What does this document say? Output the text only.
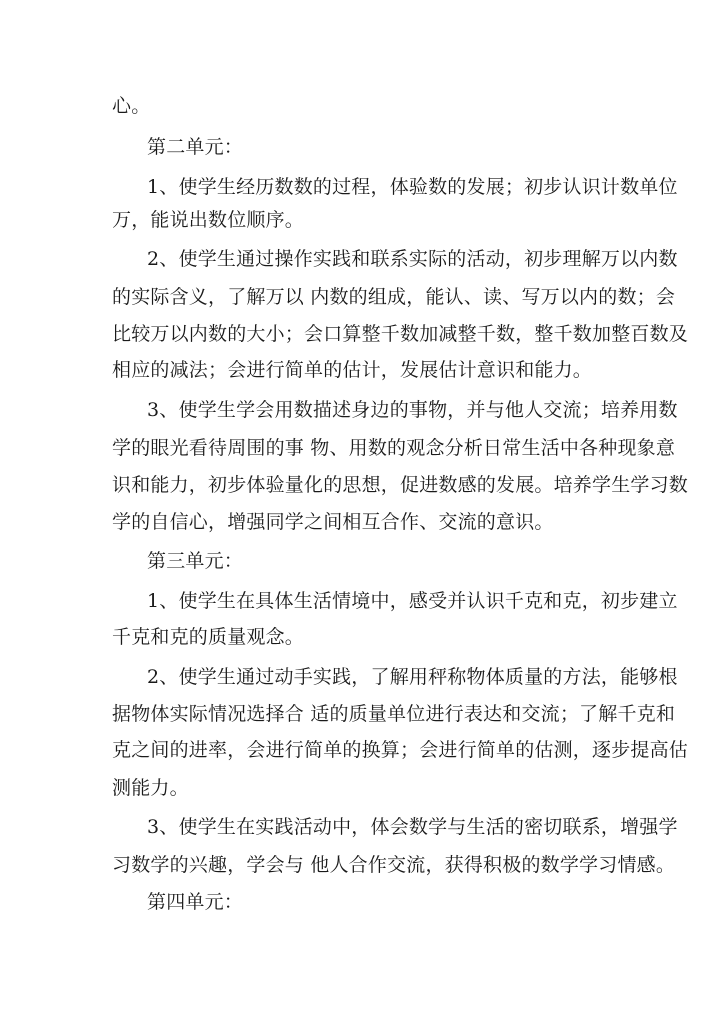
心。
第二单元：
1、使学生经历数数的过程，体验数的发展；初步认识计数单位
万，能说出数位顺序。
2、使学生通过操作实践和联系实际的活动，初步理解万以内数
的实际含义，了解万以 内数的组成，能认、读、写万以内的数；会
比较万以内数的大小；会口算整千数加减整千数，整千数加整百数及
相应的减法；会进行简单的估计，发展估计意识和能力。
3、使学生学会用数描述身边的事物，并与他人交流；培养用数
学的眼光看待周围的事 物、用数的观念分析日常生活中各种现象意
识和能力，初步体验量化的思想，促进数感的发展。培养学生学习数
学的自信心，增强同学之间相互合作、交流的意识。
第三单元：
1、使学生在具体生活情境中，感受并认识千克和克，初步建立
千克和克的质量观念。
2、使学生通过动手实践，了解用秤称物体质量的方法，能够根
据物体实际情况选择合 适的质量单位进行表达和交流；了解千克和
克之间的进率，会进行简单的换算；会进行简单的估测，逐步提高估
测能力。
3、使学生在实践活动中，体会数学与生活的密切联系，增强学
习数学的兴趣，学会与 他人合作交流，获得积极的数学学习情感。
第四单元：
